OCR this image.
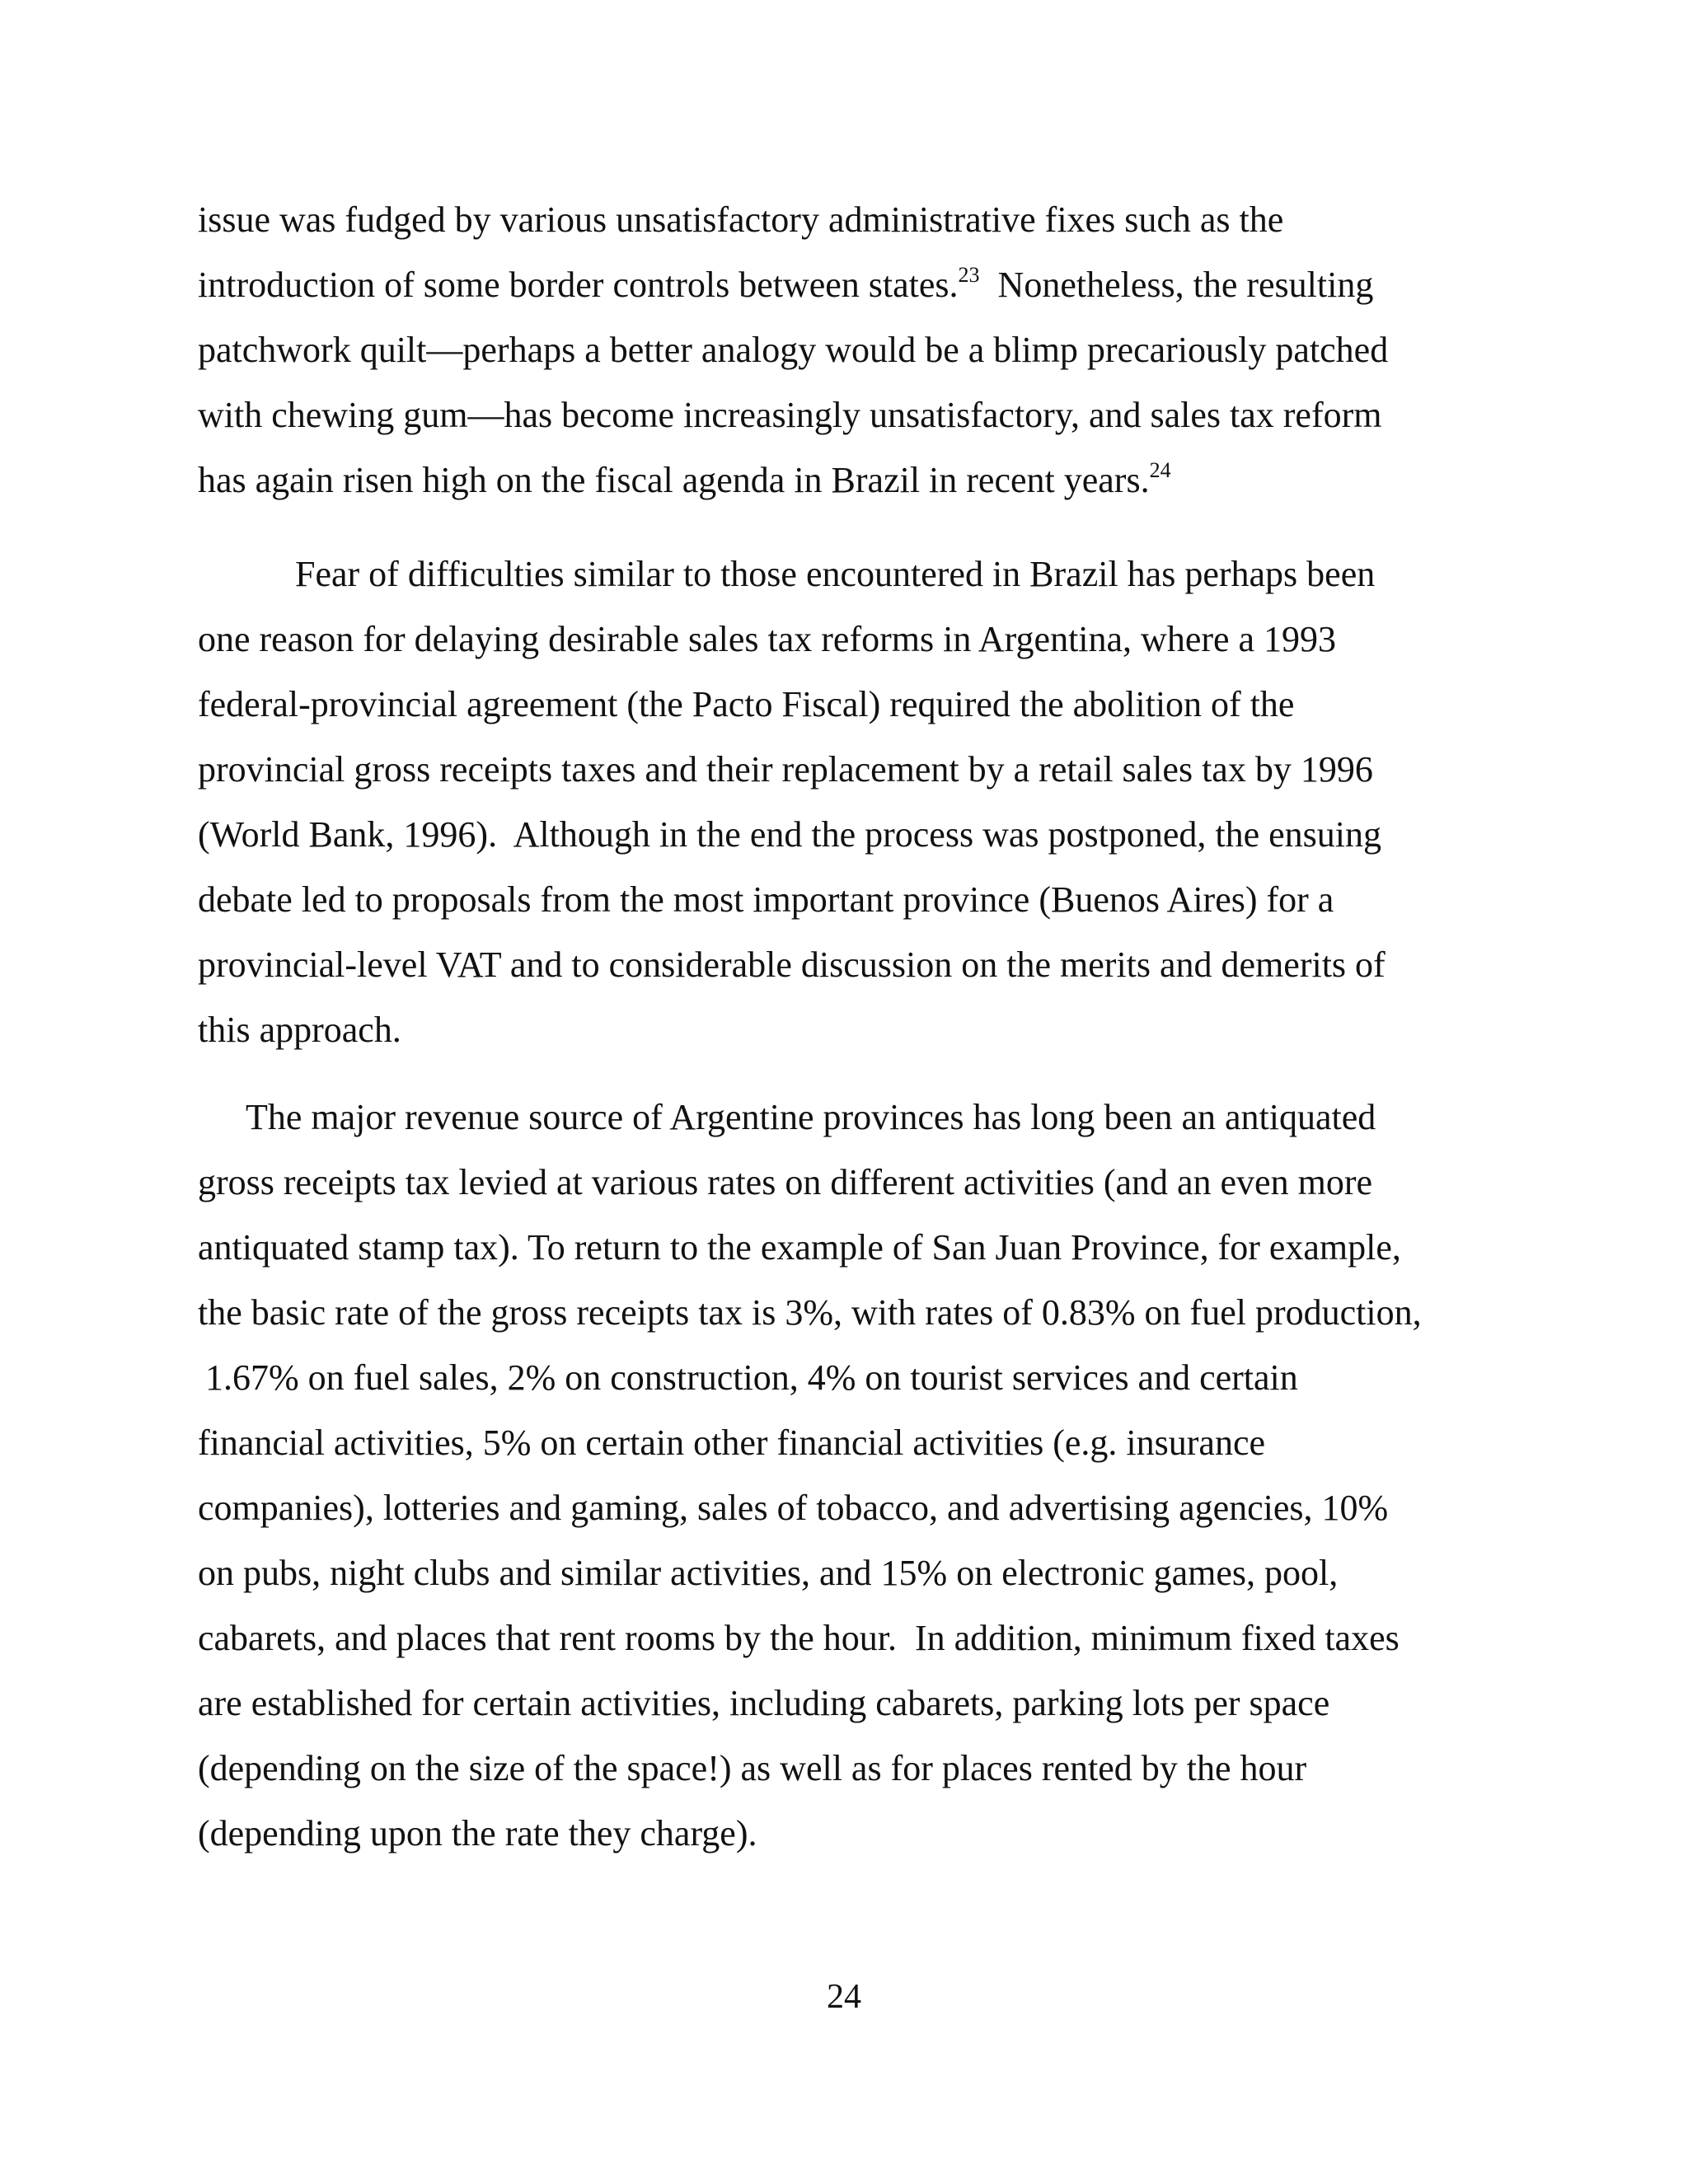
issue was fudged by various unsatisfactory administrative fixes such as the
introduction of some border controls between states.$^{23}$  Nonetheless, the resulting
patchwork quilt—perhaps a better analogy would be a blimp precariously patched
with chewing gum—has become increasingly unsatisfactory, and sales tax reform
has again risen high on the fiscal agenda in Brazil in recent years.$^{24}$
Fear of difficulties similar to those encountered in Brazil has perhaps been
one reason for delaying desirable sales tax reforms in Argentina, where a 1993
federal-provincial agreement (the Pacto Fiscal) required the abolition of the
provincial gross receipts taxes and their replacement by a retail sales tax by 1996
(World Bank, 1996).  Although in the end the process was postponed, the ensuing
debate led to proposals from the most important province (Buenos Aires) for a
provincial-level VAT and to considerable discussion on the merits and demerits of
this approach.
The major revenue source of Argentine provinces has long been an antiquated
gross receipts tax levied at various rates on different activities (and an even more
antiquated stamp tax). To return to the example of San Juan Province, for example,
the basic rate of the gross receipts tax is 3%, with rates of 0.83% on fuel production,
1.67% on fuel sales, 2% on construction, 4% on tourist services and certain
financial activities, 5% on certain other financial activities (e.g. insurance
companies), lotteries and gaming, sales of tobacco, and advertising agencies, 10%
on pubs, night clubs and similar activities, and 15% on electronic games, pool,
cabarets, and places that rent rooms by the hour.  In addition, minimum fixed taxes
are established for certain activities, including cabarets, parking lots per space
(depending on the size of the space!) as well as for places rented by the hour
(depending upon the rate they charge).
24
